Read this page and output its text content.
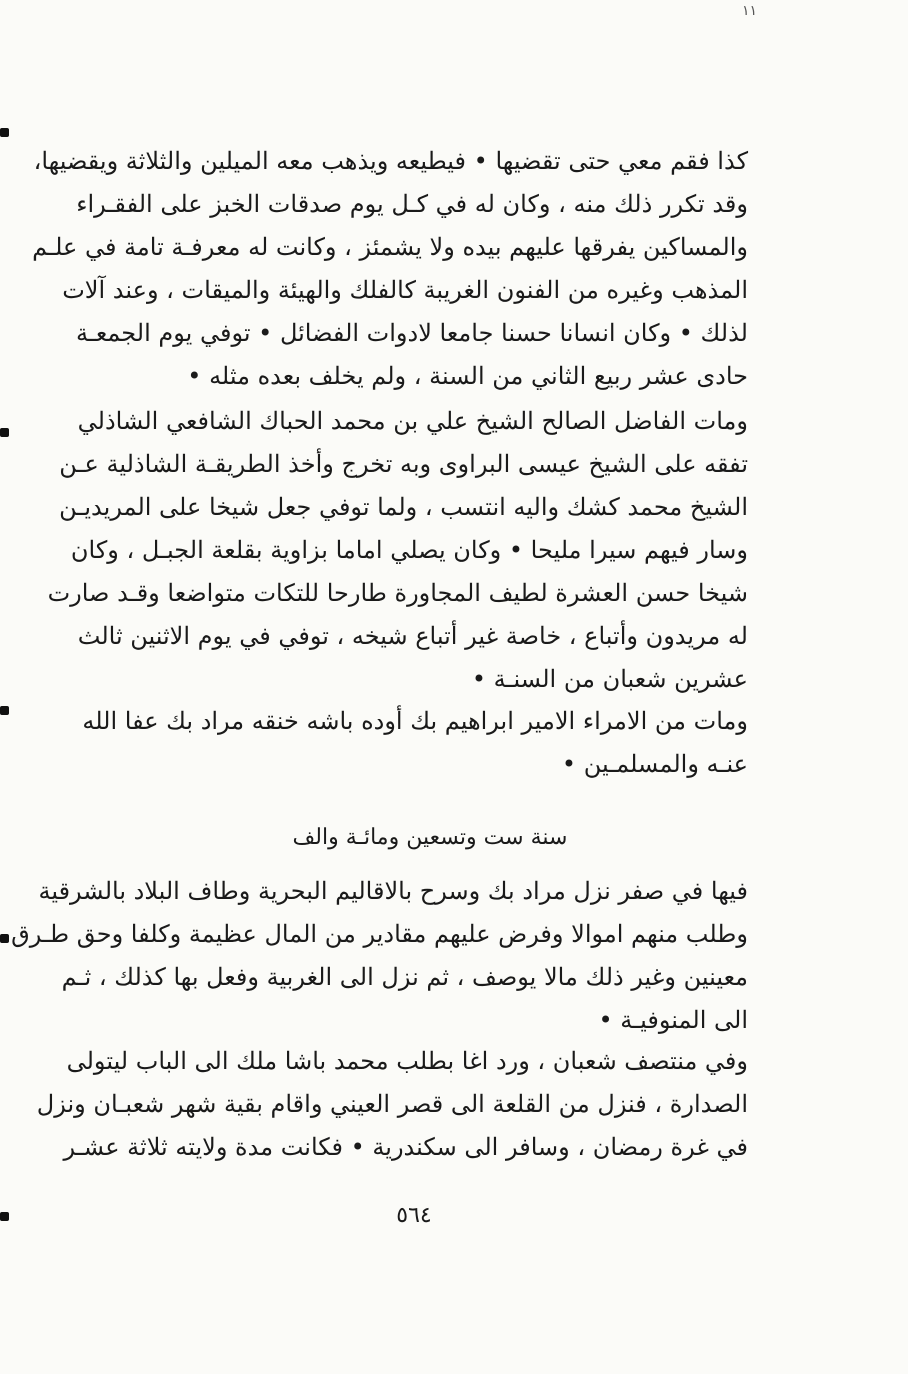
١١
كذا فقم معي حتى تقضيها • فيطيعه ويذهب معه الميلين والثلاثة ويقضيها،
وقد تكرر ذلك منه ، وكان له في كـل يوم صدقات الخبز على الفقـراء
والمساكين يفرقها عليهم بيده ولا يشمئز ، وكانت له معرفـة تامة في علـم
المذهب وغيره من الفنون الغريبة كالفلك والهيئة والميقات ، وعند آلات
لذلك • وكان انسانا حسنا جامعا لادوات الفضائل • توفي يوم الجمعـة
حادى عشر ربيع الثاني من السنة ، ولم يخلف بعده مثله •
ومات الفاضل الصالح الشيخ علي بن محمد الحباك الشافعي الشاذلي
تفقه على الشيخ عيسى البراوى وبه تخرج وأخذ الطريقـة الشاذلية عـن
الشيخ محمد كشك واليه انتسب ، ولما توفي جعل شيخا على المريديـن
وسار فيهم سيرا مليحا • وكان يصلي اماما بزاوية بقلعة الجبـل ، وكان
شيخا حسن العشرة لطيف المجاورة طارحا للتكات متواضعا وقـد صارت
له مريدون وأتباع ، خاصة غير أتباع شيخه ، توفي في يوم الاثنين ثالث
عشرين شعبان من السنـة •
ومات من الامراء الامير ابراهيم بك أوده باشه خنقه مراد بك عفا الله
عنـه والمسلمـين •
سنة ست وتسعين ومائـة والف
فيها في صفر نزل مراد بك وسرح بالاقاليم البحرية وطاف البلاد بالشرقية
وطلب منهم اموالا وفرض عليهم مقادير من المال عظيمة وكلفا وحق طـرق
معينين وغير ذلك مالا يوصف ، ثم نزل الى الغربية وفعل بها كذلك ، ثـم
الى المنوفيـة •
وفي منتصف شعبان ، ورد اغا بطلب محمد باشا ملك الى الباب ليتولى
الصدارة ، فنزل من القلعة الى قصر العيني واقام بقية شهر شعبـان ونزل
في غرة رمضان ، وسافر الى سكندرية • فكانت مدة ولايته ثلاثة عشـر
٥٦٤
